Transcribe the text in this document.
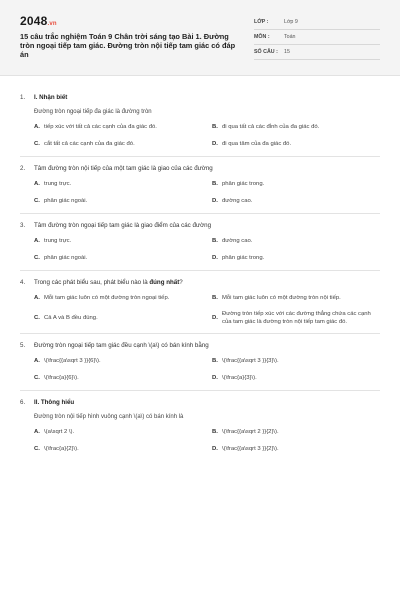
2048.vn
15 câu trắc nghiệm Toán 9 Chân trời sáng tạo Bài 1. Đường tròn ngoại tiếp tam giác. Đường tròn nội tiếp tam giác có đáp án
LỚP :	Lớp 9
MÔN :	Toán
SỐ CÂU :	15
1.	I. Nhận biết
Đường tròn ngoại tiếp đa giác là đường tròn
A. tiếp xúc với tất cả các cạnh của đa giác đó.	B. đi qua tất cả các đỉnh của đa giác đó.
C. cắt tất cả các cạnh của đa giác đó.	D. đi qua tâm của đa giác đó.
2.	Tâm đường tròn nội tiếp của một tam giác là giao của các đường
A. trung trực.	B. phân giác trong.
C. phân giác ngoài.	D. đường cao.
3.	Tâm đường tròn ngoại tiếp tam giác là giao điểm của các đường
A. trung trực.	B. đường cao.
C. phân giác ngoài.	D. phân giác trong.
4.	Trong các phát biểu sau, phát biểu nào là đúng nhất?
A. Mỗi tam giác luôn có một đường tròn ngoại tiếp.	B. Mỗi tam giác luôn có một đường tròn nội tiếp.
C. Cả A và B đều đúng.	D.
Đường tròn tiếp xúc với các đường thẳng chứa các cạnh của tam giác là đường tròn nội tiếp tam giác đó.
5.	Đường tròn ngoại tiếp tam giác đều cạnh \(a\) có bán kính bằng
A. \(\frac{{a\sqrt 3 }}{6}\).	B. \(\frac{{a\sqrt 3 }}{3}\).
C. \(\frac{a}{6}\).	D. \(\frac{a}{3}\).
6.	II. Thông hiểu
Đường tròn nội tiếp hình vuông cạnh \(a\) có bán kính là
A. \(a\sqrt 2 \).	B. \(\frac{{a\sqrt 2 }}{2}\).
C. \(\frac{a}{2}\).	D. \(\frac{{a\sqrt 3 }}{2}\).
